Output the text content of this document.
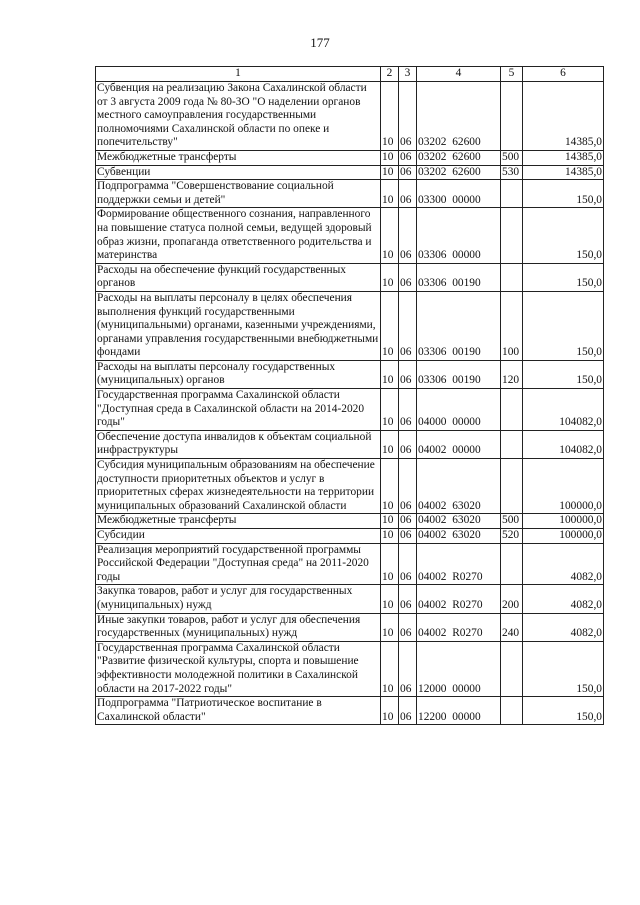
177
1	2	3	4	5	6
Субвенция на реализацию Закона Сахалинской области от 3 августа 2009 года № 80-ЗО "О наделении органов местного самоуправления государственными полномочиями Сахалинской области по опеке и попечительству"	10	06	03202 62600		14385,0
Межбюджетные трансферты	10	06	03202 62600	500	14385,0
Субвенции	10	06	03202 62600	530	14385,0
Подпрограмма "Совершенствование социальной поддержки семьи и детей"	10	06	03300 00000		150,0
Формирование общественного сознания, направленного на повышение статуса полной семьи, ведущей здоровый образ жизни, пропаганда ответственного родительства и материнства	10	06	03306 00000		150,0
Расходы на обеспечение функций государственных органов	10	06	03306 00190		150,0
Расходы на выплаты персоналу в целях обеспечения выполнения функций государственными (муниципальными) органами, казенными учреждениями, органами управления государственными внебюджетными фондами	10	06	03306 00190	100	150,0
Расходы на выплаты персоналу государственных (муниципальных) органов	10	06	03306 00190	120	150,0
Государственная программа Сахалинской области "Доступная среда в Сахалинской области на 2014-2020 годы"	10	06	04000 00000		104082,0
Обеспечение доступа инвалидов к объектам социальной инфраструктуры	10	06	04002 00000		104082,0
Субсидия муниципальным образованиям на обеспечение доступности приоритетных объектов и услуг в приоритетных сферах жизнедеятельности на территории муниципальных образований Сахалинской области	10	06	04002 63020		100000,0
Межбюджетные трансферты	10	06	04002 63020	500	100000,0
Субсидии	10	06	04002 63020	520	100000,0
Реализация мероприятий государственной программы Российской Федерации "Доступная среда" на 2011-2020 годы	10	06	04002 R0270		4082,0
Закупка товаров, работ и услуг для государственных (муниципальных) нужд	10	06	04002 R0270	200	4082,0
Иные закупки товаров, работ и услуг для обеспечения государственных (муниципальных) нужд	10	06	04002 R0270	240	4082,0
Государственная программа Сахалинской области "Развитие физической культуры, спорта и повышение эффективности молодежной политики в Сахалинской области на 2017-2022 годы"	10	06	12000 00000		150,0
Подпрограмма "Патриотическое воспитание в Сахалинской области"	10	06	12200 00000		150,0
